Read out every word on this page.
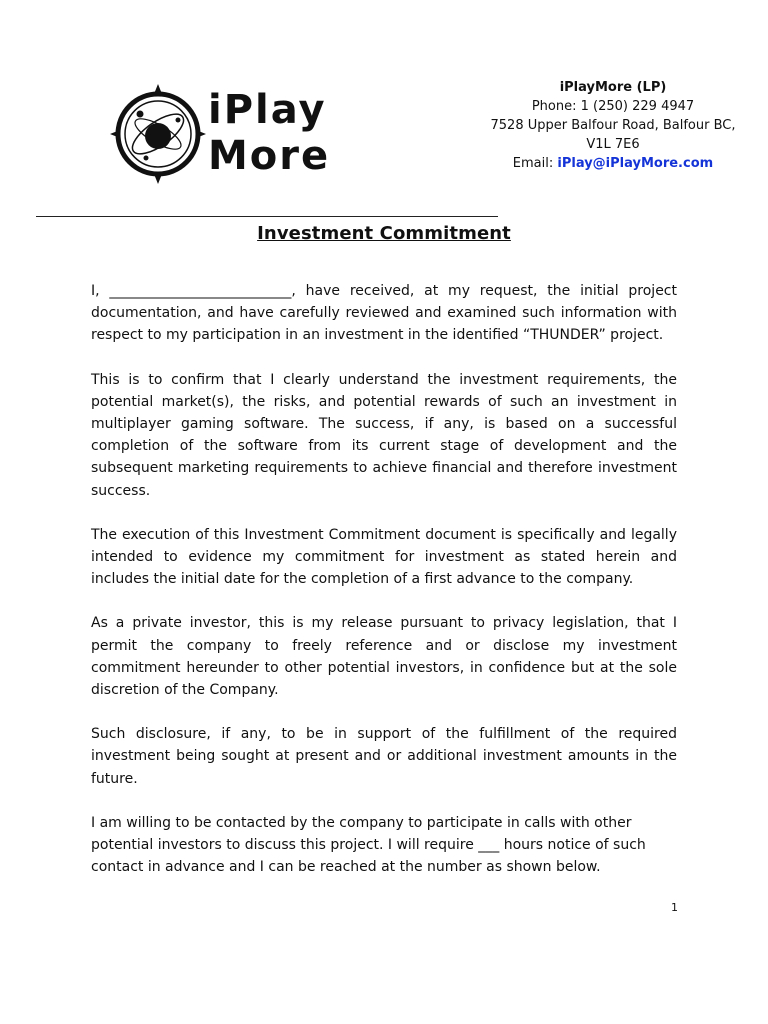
iPlay
More
iPlayMore (LP)
Phone: 1 (250) 229 4947
7528 Upper Balfour Road, Balfour BC,
V1L 7E6
Email: iPlay@iPlayMore.com
Investment Commitment

I, __________________________, have received, at my request, the initial project documentation, and have carefully reviewed and examined such information with respect to my participation in an investment in the identified “THUNDER” project.

This is to confirm that I clearly understand the investment requirements, the potential market(s), the risks, and potential rewards of such an investment in multiplayer gaming software. The success, if any, is based on a successful completion of the software from its current stage of development and the subsequent marketing requirements to achieve financial and therefore investment success.

The execution of this Investment Commitment document is specifically and legally intended to evidence my commitment for investment as stated herein and includes the initial date for the completion of a first advance to the company.

As a private investor, this is my release pursuant to privacy legislation, that I permit the company to freely reference and or disclose my investment commitment hereunder to other potential investors, in confidence but at the sole discretion of the Company.

Such disclosure, if any, to be in support of the fulfillment of the required investment being sought at present and or additional investment amounts in the future.

I am willing to be contacted by the company to participate in calls with other potential investors to discuss this project. I will require ___ hours notice of such contact in advance and I can be reached at the number as shown below.

1
